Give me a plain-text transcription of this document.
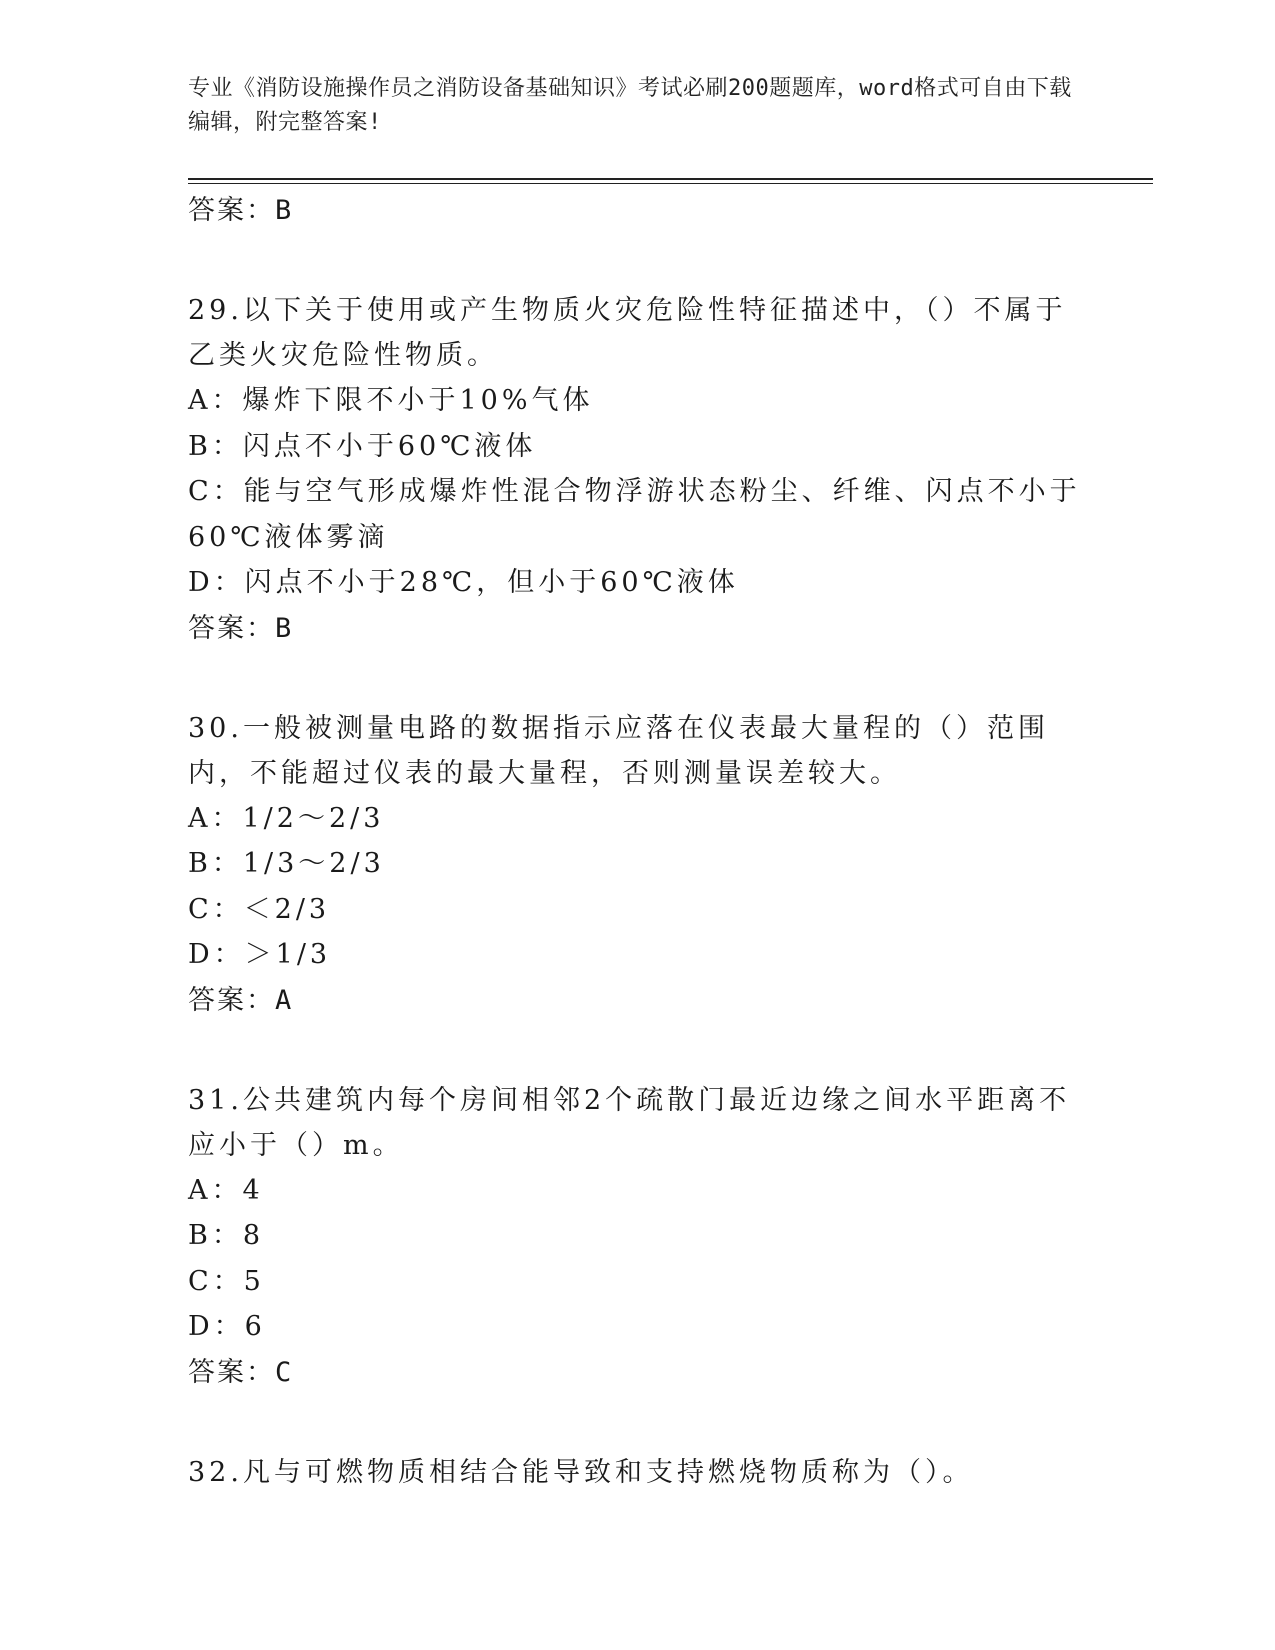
专业《消防设施操作员之消防设备基础知识》考试必刷200题题库，word格式可自由下载编辑，附完整答案!
答案：B
29.以下关于使用或产生物质火灾危险性特征描述中，（）不属于乙类火灾危险性物质。
A：爆炸下限不小于10%气体
B：闪点不小于60℃液体
C：能与空气形成爆炸性混合物浮游状态粉尘、纤维、闪点不小于60℃液体雾滴
D：闪点不小于28℃，但小于60℃液体
答案：B
30.一般被测量电路的数据指示应落在仪表最大量程的（）范围内，不能超过仪表的最大量程，否则测量误差较大。
A：1/2～2/3
B：1/3～2/3
C：＜2/3
D：＞1/3
答案：A
31.公共建筑内每个房间相邻2个疏散门最近边缘之间水平距离不应小于（）m。
A：4
B：8
C：5
D：6
答案：C
32.凡与可燃物质相结合能导致和支持燃烧物质称为（）。
